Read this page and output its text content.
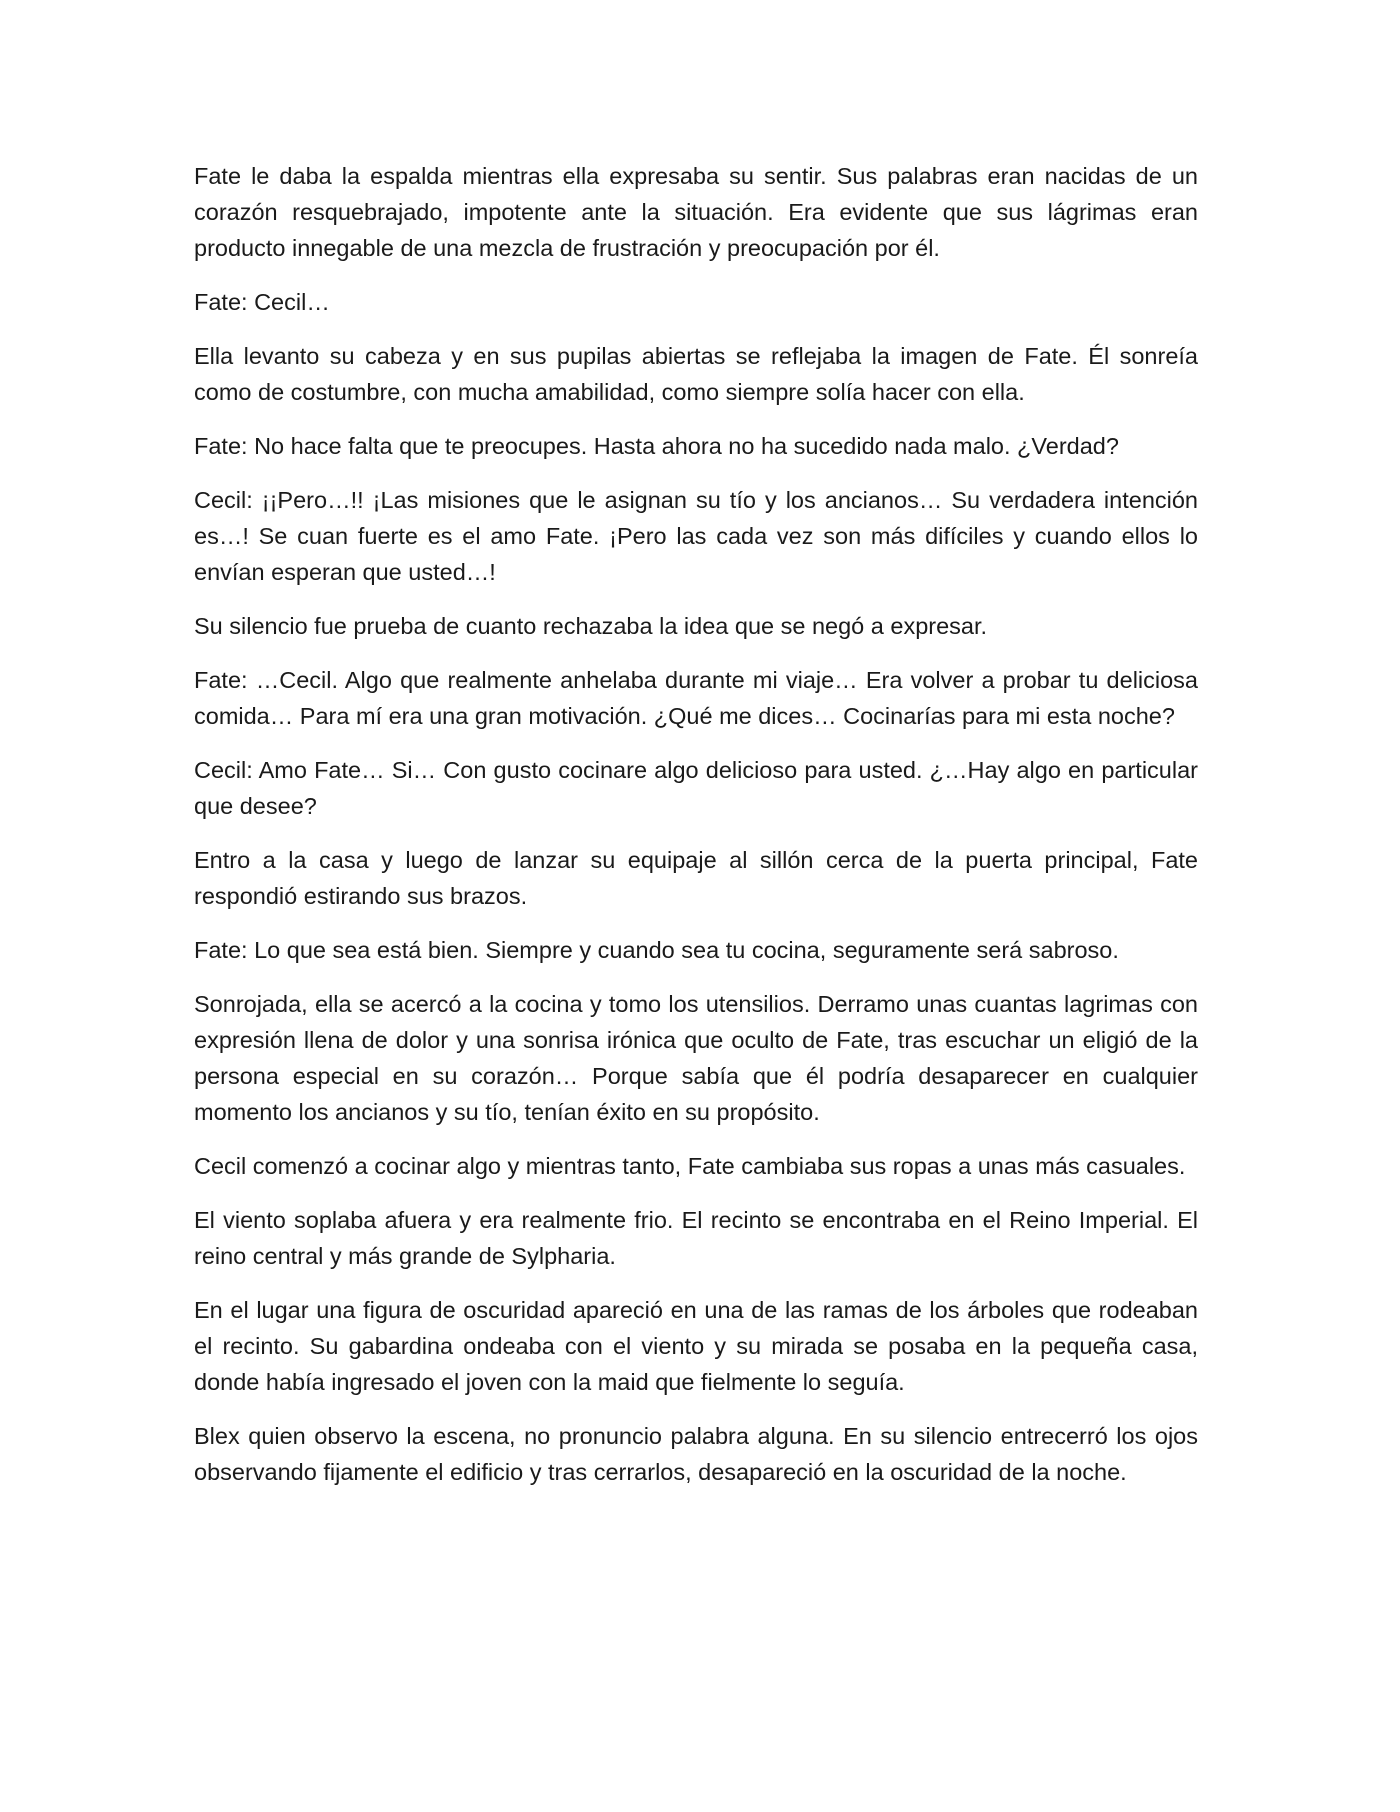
Fate le daba la espalda mientras ella expresaba su sentir. Sus palabras eran nacidas de un corazón resquebrajado, impotente ante la situación. Era evidente que sus lágrimas eran producto innegable de una mezcla de frustración y preocupación por él.

Fate: Cecil…

Ella levanto su cabeza y en sus pupilas abiertas se reflejaba la imagen de Fate. Él sonreía como de costumbre, con mucha amabilidad, como siempre solía hacer con ella.

Fate: No hace falta que te preocupes. Hasta ahora no ha sucedido nada malo. ¿Verdad?

Cecil: ¡¡Pero…!! ¡Las misiones que le asignan su tío y los ancianos… Su verdadera intención es…! Se cuan fuerte es el amo Fate. ¡Pero las cada vez son más difíciles y cuando ellos lo envían esperan que usted…!

Su silencio fue prueba de cuanto rechazaba la idea que se negó a expresar.

Fate: …Cecil. Algo que realmente anhelaba durante mi viaje… Era volver a probar tu deliciosa comida… Para mí era una gran motivación. ¿Qué me dices… Cocinarías para mi esta noche?

Cecil: Amo Fate… Si… Con gusto cocinare algo delicioso para usted. ¿…Hay algo en particular que desee?

Entro a la casa y luego de lanzar su equipaje al sillón cerca de la puerta principal, Fate respondió estirando sus brazos.

Fate: Lo que sea está bien. Siempre y cuando sea tu cocina, seguramente será sabroso.

Sonrojada, ella se acercó a la cocina y tomo los utensilios. Derramo unas cuantas lagrimas con expresión llena de dolor y una sonrisa irónica que oculto de Fate, tras escuchar un eligió de la persona especial en su corazón… Porque sabía que él podría desaparecer en cualquier momento los ancianos y su tío, tenían éxito en su propósito.

Cecil comenzó a cocinar algo y mientras tanto, Fate cambiaba sus ropas a unas más casuales.

El viento soplaba afuera y era realmente frio. El recinto se encontraba en el Reino Imperial. El reino central y más grande de Sylpharia.

En el lugar una figura de oscuridad apareció en una de las ramas de los árboles que rodeaban el recinto. Su gabardina ondeaba con el viento y su mirada se posaba en la pequeña casa, donde había ingresado el joven con la maid que fielmente lo seguía.

Blex quien observo la escena, no pronuncio palabra alguna. En su silencio entrecerró los ojos observando fijamente el edificio y tras cerrarlos, desapareció en la oscuridad de la noche.
